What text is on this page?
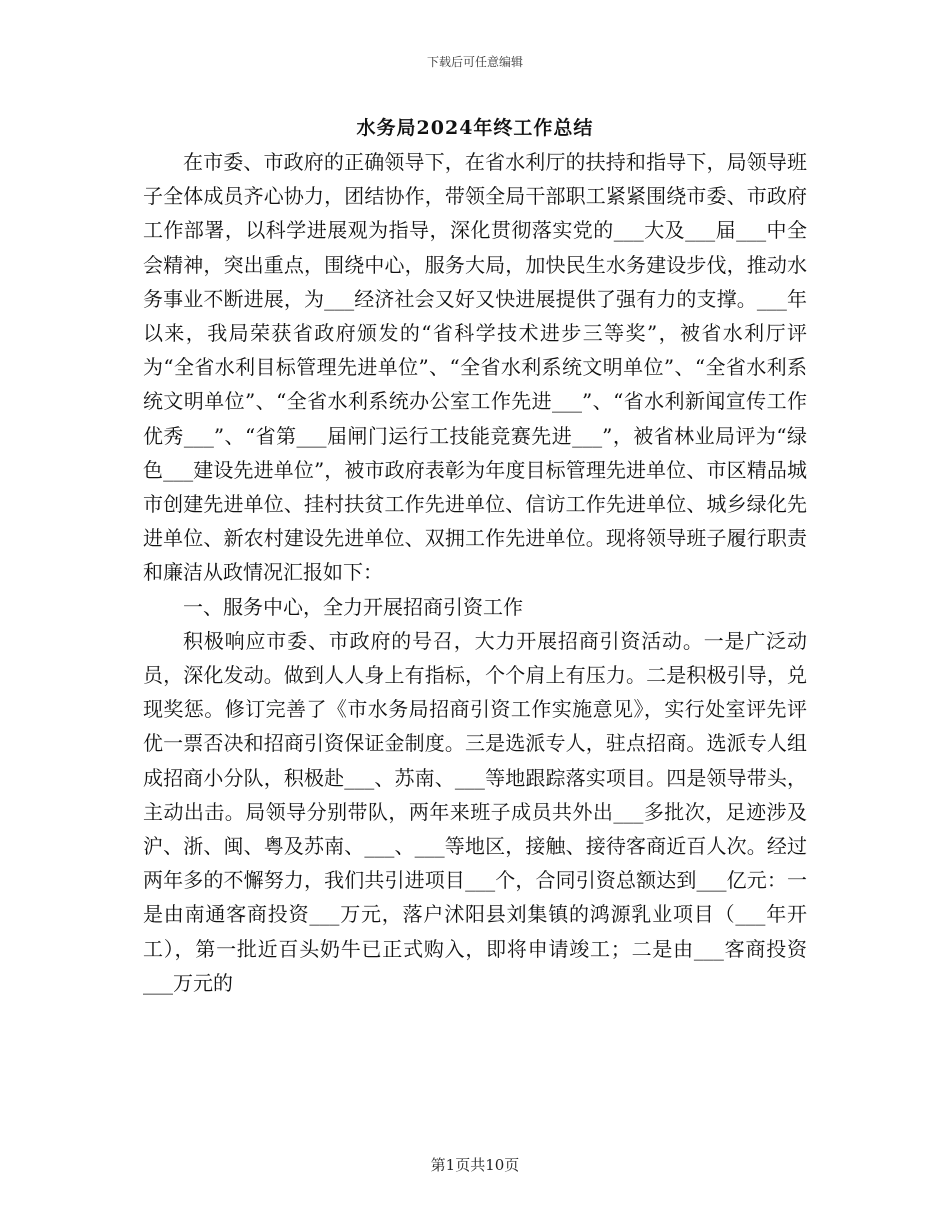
下载后可任意编辑
水务局2024年终工作总结

在市委、市政府的正确领导下，在省水利厅的扶持和指导下，局领导班子全体成员齐心协力，团结协作，带领全局干部职工紧紧围绕市委、市政府工作部署，以科学进展观为指导，深化贯彻落实党的___大及___届___中全会精神，突出重点，围绕中心，服务大局，加快民生水务建设步伐，推动水务事业不断进展，为___经济社会又好又快进展提供了强有力的支撑。___年以来，我局荣获省政府颁发的“省科学技术进步三等奖”，被省水利厅评为“全省水利目标管理先进单位”、“全省水利系统文明单位”、“全省水利系统文明单位”、“全省水利系统办公室工作先进___”、“省水利新闻宣传工作优秀___”、“省第___届闸门运行工技能竞赛先进___”，被省林业局评为“绿色___建设先进单位”，被市政府表彰为年度目标管理先进单位、市区精品城市创建先进单位、挂村扶贫工作先进单位、信访工作先进单位、城乡绿化先进单位、新农村建设先进单位、双拥工作先进单位。现将领导班子履行职责和廉洁从政情况汇报如下：

一、服务中心，全力开展招商引资工作

积极响应市委、市政府的号召，大力开展招商引资活动。一是广泛动员，深化发动。做到人人身上有指标，个个肩上有压力。二是积极引导，兑现奖惩。修订完善了《市水务局招商引资工作实施意见》，实行处室评先评优一票否决和招商引资保证金制度。三是选派专人，驻点招商。选派专人组成招商小分队，积极赴___、苏南、___等地跟踪落实项目。四是领导带头，主动出击。局领导分别带队，两年来班子成员共外出___多批次，足迹涉及沪、浙、闽、粤及苏南、___、___等地区，接触、接待客商近百人次。经过两年多的不懈努力，我们共引进项目___个，合同引资总额达到___亿元：一是由南通客商投资___万元，落户沭阳县刘集镇的鸿源乳业项目（___年开工），第一批近百头奶牛已正式购入，即将申请竣工；二是由___客商投资___万元的

第1页共10页
